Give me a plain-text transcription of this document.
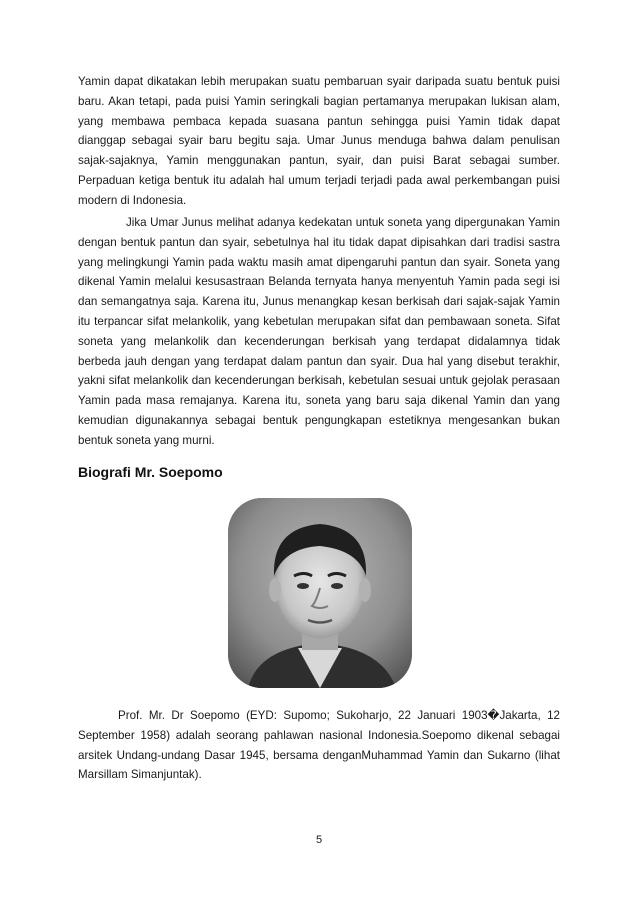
Yamin dapat dikatakan lebih merupakan suatu pembaruan syair daripada suatu bentuk puisi baru. Akan tetapi, pada puisi Yamin seringkali bagian pertamanya merupakan lukisan alam, yang membawa pembaca kepada suasana pantun sehingga puisi Yamin tidak dapat dianggap sebagai syair baru begitu saja. Umar Junus menduga bahwa dalam penulisan sajak-sajaknya, Yamin menggunakan pantun, syair, dan puisi Barat sebagai sumber. Perpaduan ketiga bentuk itu adalah hal umum terjadi terjadi pada awal perkembangan puisi modern di Indonesia.

Jika Umar Junus melihat adanya kedekatan untuk soneta yang dipergunakan Yamin dengan bentuk pantun dan syair, sebetulnya hal itu tidak dapat dipisahkan dari tradisi sastra yang melingkungi Yamin pada waktu masih amat dipengaruhi pantun dan syair. Soneta yang dikenal Yamin melalui kesusastraan Belanda ternyata hanya menyentuh Yamin pada segi isi dan semangatnya saja. Karena itu, Junus menangkap kesan berkisah dari sajak-sajak Yamin itu terpancar sifat melankolik, yang kebetulan merupakan sifat dan pembawaan soneta. Sifat soneta yang melankolik dan kecenderungan berkisah yang terdapat didalamnya tidak berbeda jauh dengan yang terdapat dalam pantun dan syair. Dua hal yang disebut terakhir, yakni sifat melankolik dan kecenderungan berkisah, kebetulan sesuai untuk gejolak perasaan Yamin pada masa remajanya. Karena itu, soneta yang baru saja dikenal Yamin dan yang kemudian digunakannya sebagai bentuk pengungkapan estetiknya mengesankan bukan bentuk soneta yang murni.

Biografi Mr. Soepomo

Prof. Mr. Dr Soepomo (EYD: Supomo; Sukoharjo, 22 Januari 1903�Jakarta, 12 September 1958) adalah seorang pahlawan nasional Indonesia.Soepomo dikenal sebagai arsitek Undang-undang Dasar 1945, bersama denganMuhammad Yamin dan Sukarno (lihat Marsillam Simanjuntak).

5
